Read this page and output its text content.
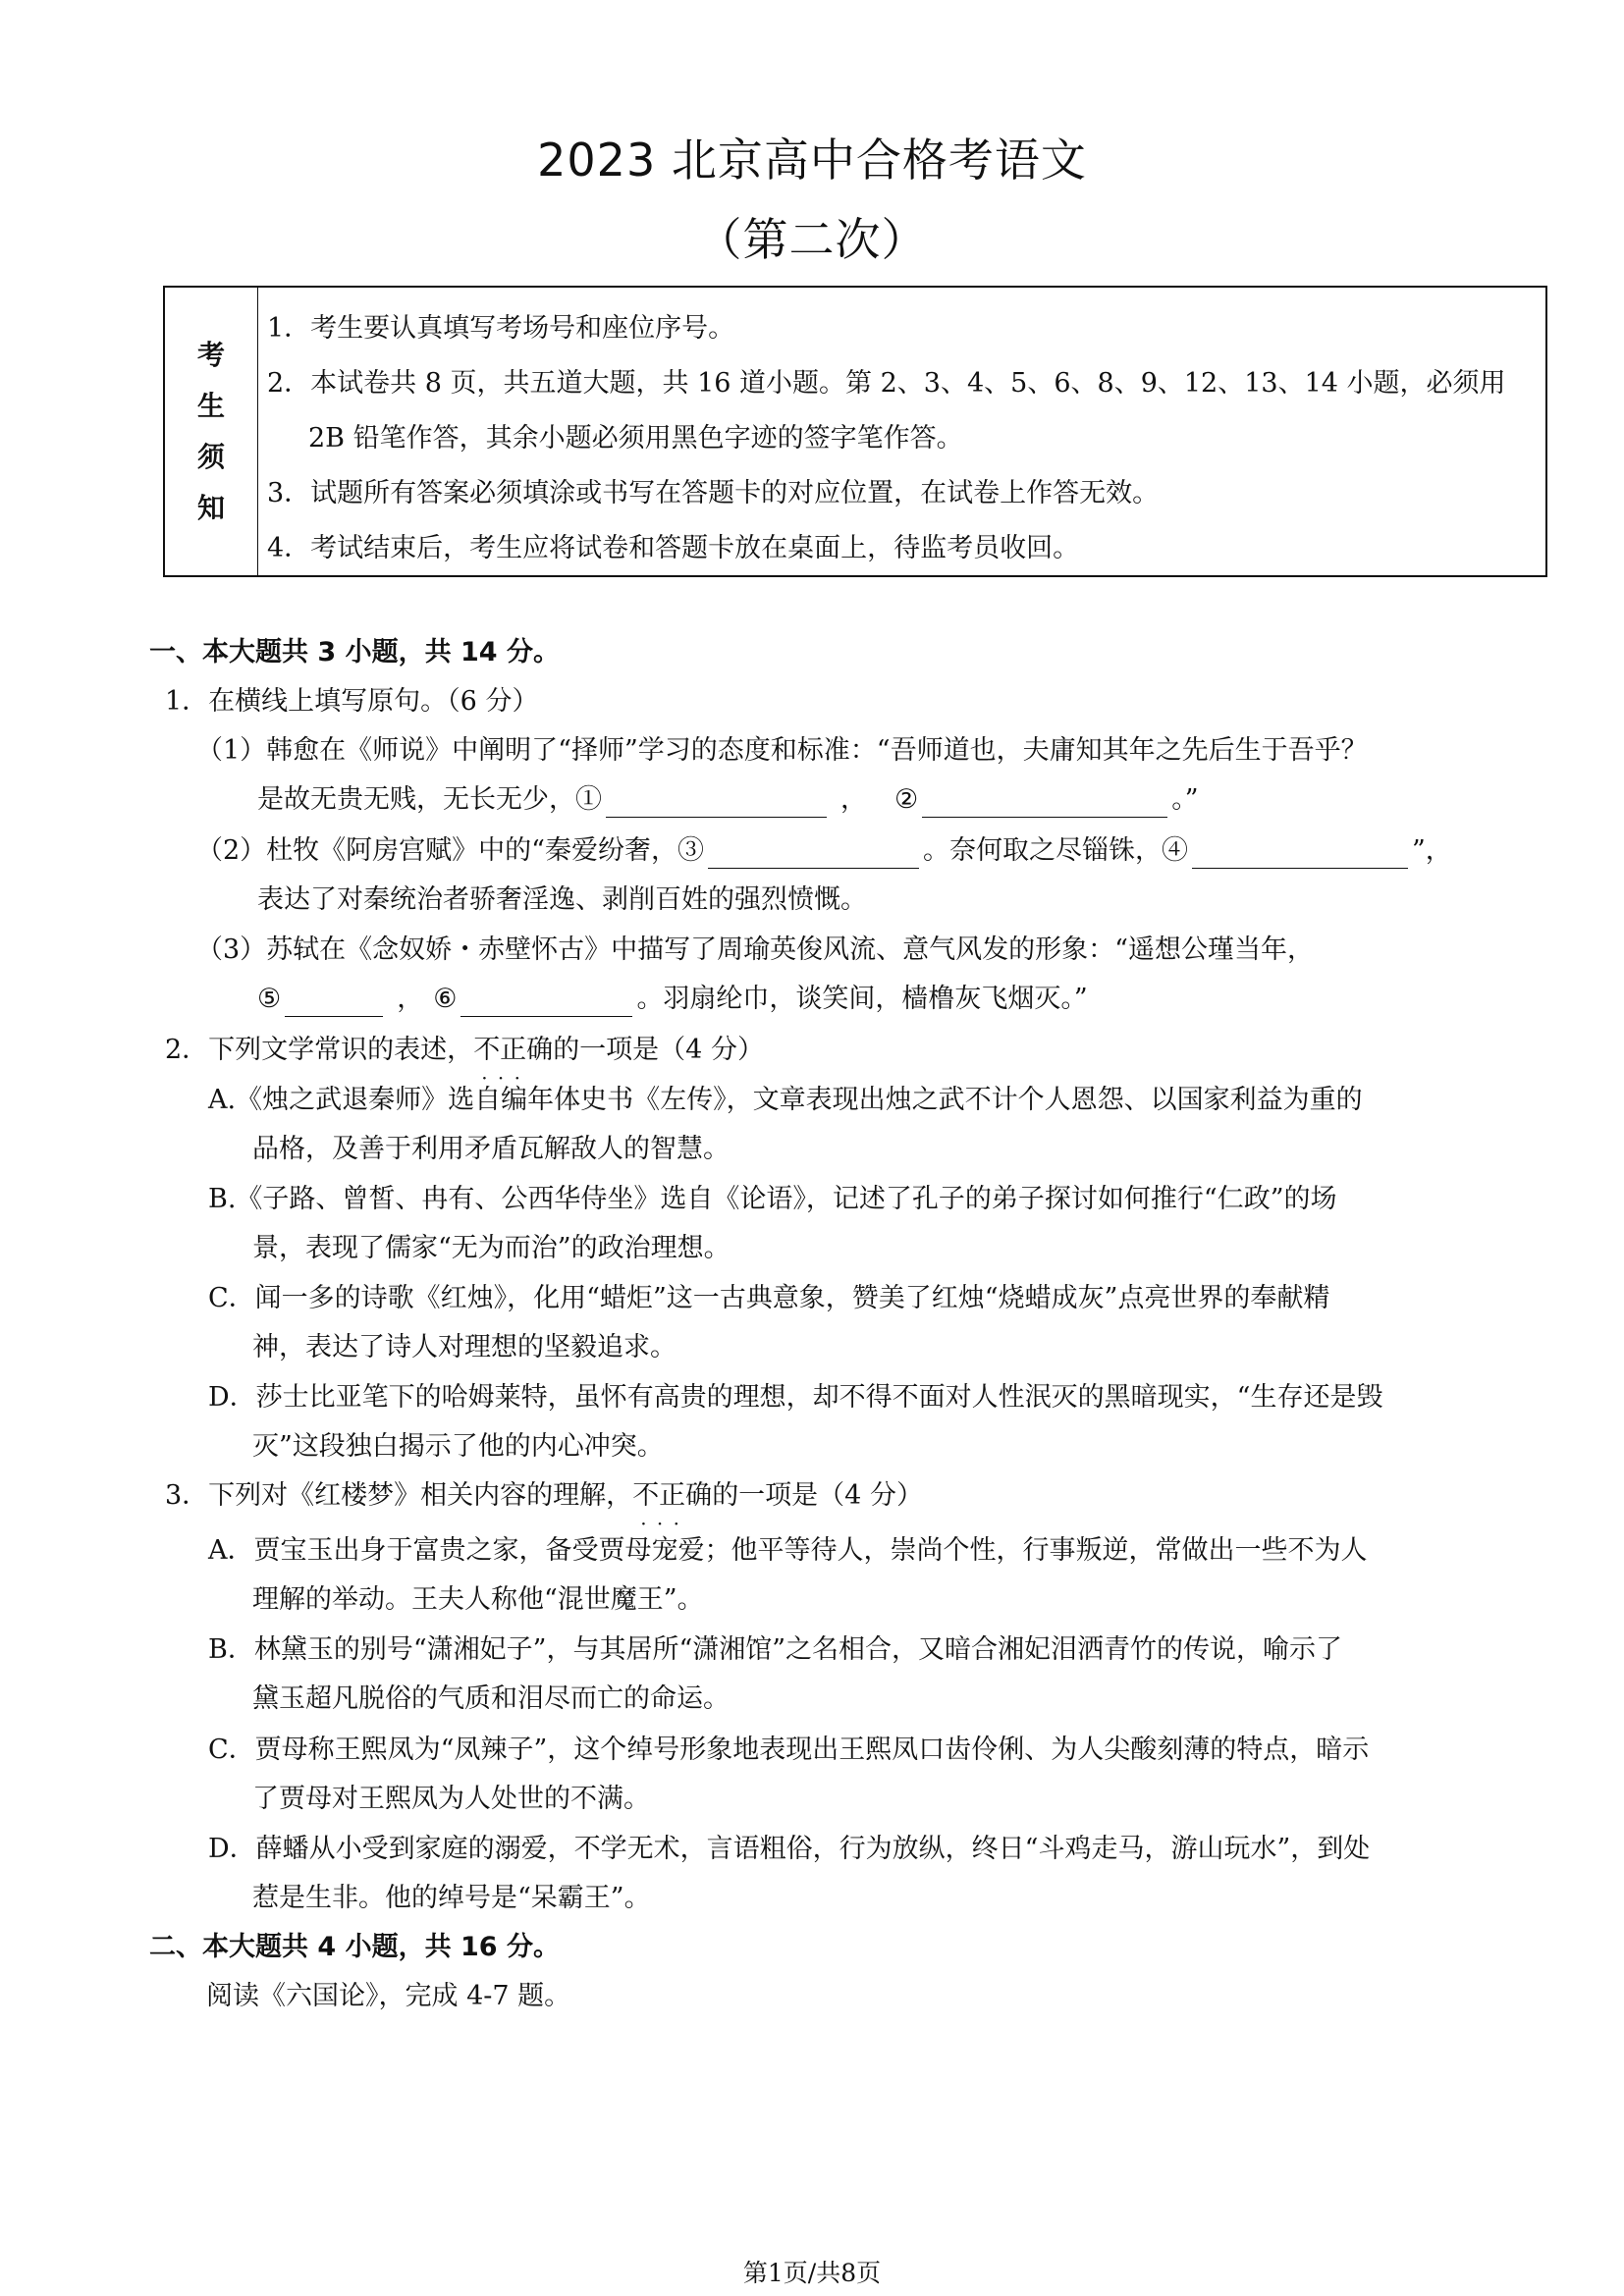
2023 北京高中合格考语文
（第二次）
考
生
须
知
1．考生要认真填写考场号和座位序号。
2．本试卷共 8 页，共五道大题，共 16 道小题。第 2、3、4、5、6、8、9、12、13、14 小题，必须用 2B 铅笔作答，其余小题必须用黑色字迹的签字笔作答。
3．试题所有答案必须填涂或书写在答题卡的对应位置，在试卷上作答无效。
4．考试结束后，考生应将试卷和答题卡放在桌面上，待监考员收回。
一、本大题共 3 小题，共 14 分。
1．在横线上填写原句。（6 分）
（1）韩愈在《师说》中阐明了“择师”学习的态度和标准：“吾师道也，夫庸知其年之先后生于吾乎？
是故无贵无贱，无长无少，①	， ②	。”
（2）杜牧《阿房宫赋》中的“秦爱纷奢，③	。奈何取之尽锱铢，④	”，
表达了对秦统治者骄奢淫逸、剥削百姓的强烈愤慨。
（3）苏轼在《念奴娇・赤壁怀古》中描写了周瑜英俊风流、意气风发的形象：“遥想公瑾当年，
⑤	， ⑥	。羽扇纶巾，谈笑间，樯橹灰飞烟灭。”
2．下列文学常识的表述，不正确 · · ·的一项是（4 分）
A.《烛之武退秦师》选自编年体史书《左传》，文章表现出烛之武不计个人恩怨、以国家利益为重的
品格，及善于利用矛盾瓦解敌人的智慧。
B.《子路、曾皙、冉有、公西华侍坐》选自《论语》，记述了孔子的弟子探讨如何推行“仁政”的场
景，表现了儒家“无为而治”的政治理想。
C．闻一多的诗歌《红烛》，化用“蜡炬”这一古典意象，赞美了红烛“烧蜡成灰”点亮世界的奉献精
神，表达了诗人对理想的坚毅追求。
D．莎士比亚笔下的哈姆莱特，虽怀有高贵的理想，却不得不面对人性泯灭的黑暗现实，“生存还是毁
灭”这段独白揭示了他的内心冲突。
3．下列对《红楼梦》相关内容的理解，不正确 · · ·的一项是（4 分）
A．贾宝玉出身于富贵之家，备受贾母宠爱；他平等待人，崇尚个性，行事叛逆，常做出一些不为人
理解的举动。王夫人称他“混世魔王”。
B．林黛玉的别号“潇湘妃子”，与其居所“潇湘馆”之名相合，又暗合湘妃泪洒青竹的传说，喻示了
黛玉超凡脱俗的气质和泪尽而亡的命运。
C．贾母称王熙凤为“凤辣子”，这个绰号形象地表现出王熙凤口齿伶俐、为人尖酸刻薄的特点，暗示
了贾母对王熙凤为人处世的不满。
D．薛蟠从小受到家庭的溺爱，不学无术，言语粗俗，行为放纵，终日“斗鸡走马，游山玩水”，到处
惹是生非。他的绰号是“呆霸王”。
二、本大题共 4 小题，共 16 分。
阅读《六国论》，完成 4-7 题。
第1页/共8页
